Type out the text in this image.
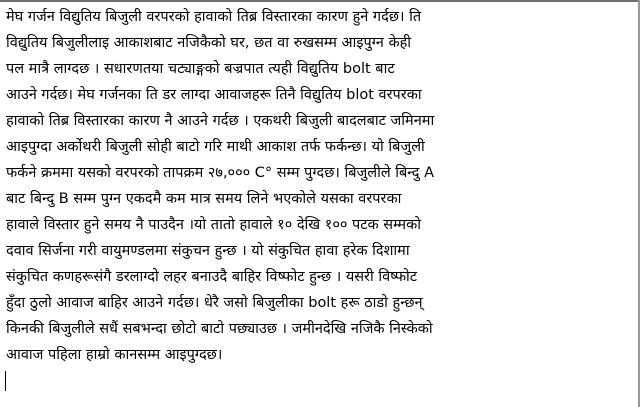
मेघ गर्जन विद्युतिय बिजुली वरपरको हावाको तिब्र विस्तारका कारण हुने गर्दछ। ति
विद्युतिय बिजुलीलाइ आकाशबाट नजिकैको घर, छत वा रुखसम्म आइपुग्न केही
पल मात्रै लाग्दछ । सधारणतया चट्याङ्गको बज्रपात त्यही विद्युतिय bolt बाट
आउने गर्दछ। मेघ गर्जनका ति डर लाग्दा आवाजहरू तिनै विद्युतिय blot वरपरका
हावाको तिब्र विस्तारका कारण नै आउने गर्दछ । एकथरी बिजुली बादलबाट जमिनमा
आइपुग्दा अर्कोथरी बिजुली सोही बाटो गरि माथी आकाश तर्फ फर्कन्छ। यो बिजुली
फर्कने क्रममा यसको वरपरको तापक्रम २७,००० C° सम्म पुग्दछ। बिजुलीले बिन्दु A
बाट बिन्दु B सम्म पुग्न एकदमै कम मात्र समय लिने भएकोले यसका वरपरका
हावाले विस्तार हुने समय नै पाउदैन ।यो तातो हावाले १० देखि १०० पटक सम्मको
दवाव सिर्जना गरी वायुमण्डलमा संकुचन हुन्छ । यो संकुचित हावा हरेक दिशामा
संकुचित कणहरूसंगै डरलाग्दो लहर बनाउदै बाहिर विष्फोट हुन्छ । यसरी विष्फोट
हुँदा ठुलो आवाज बाहिर आउने गर्दछ। धेरै जसो बिजुलीका bolt हरू ठाडो हुन्छन्
किनकी बिजुलीले सधैं सबभन्दा छोटो बाटो पछ्याउछ । जमीनदेखि नजिकै निस्केको
आवाज पहिला हाम्रो कानसम्म आइपुग्दछ।
